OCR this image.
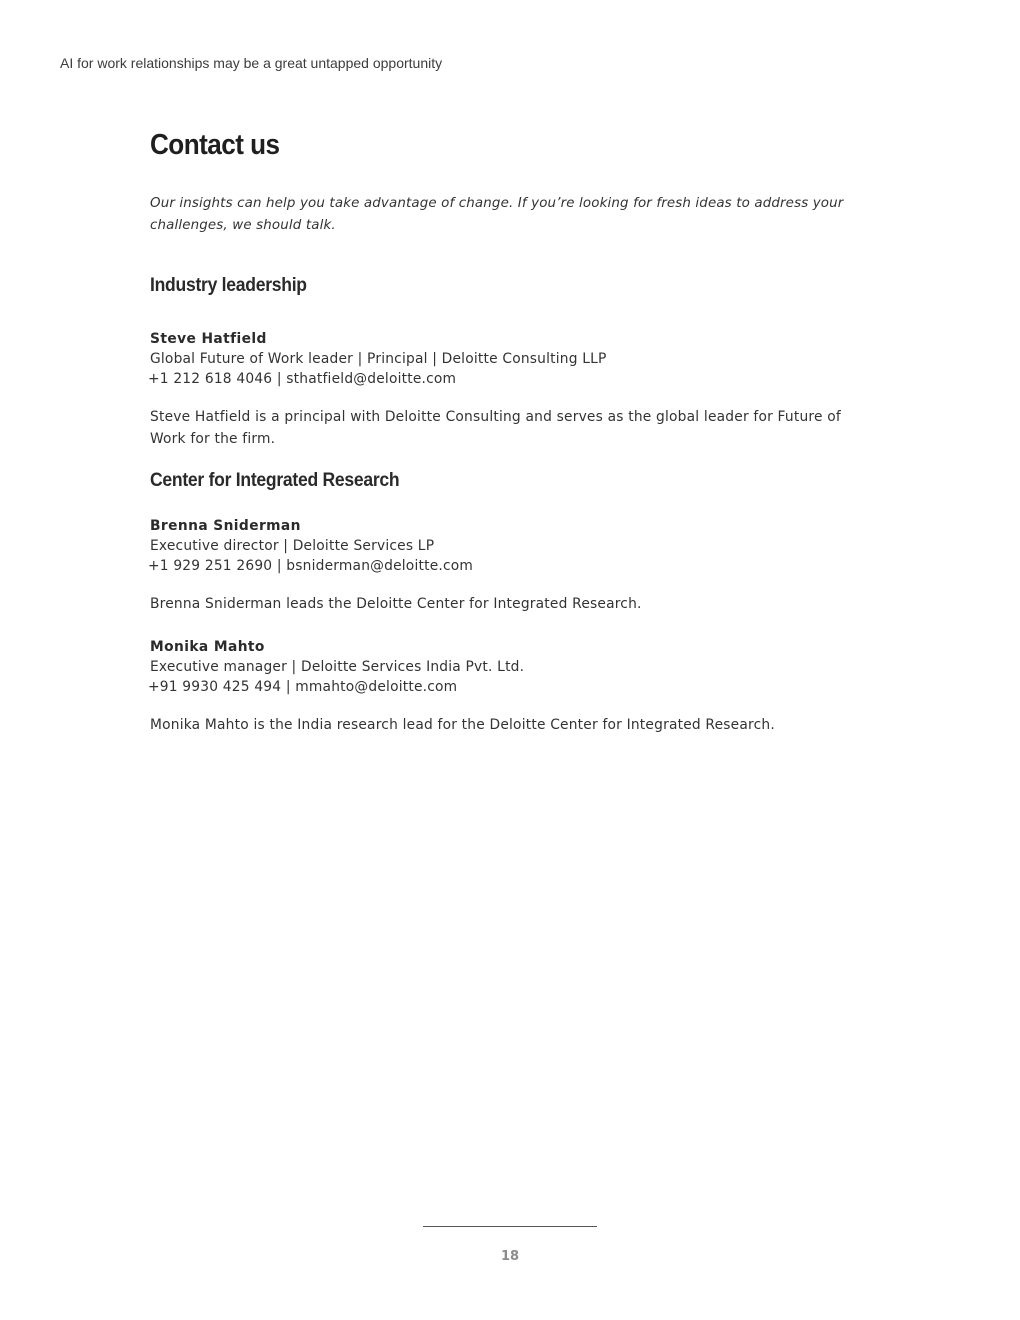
AI for work relationships may be a great untapped opportunity
Contact us

Our insights can help you take advantage of change. If you’re looking for fresh ideas to address your challenges, we should talk.

Industry leadership
Steve Hatfield
Global Future of Work leader | Principal | Deloitte Consulting LLP
+1 212 618 4046 | sthatfield@deloitte.com
Steve Hatfield is a principal with Deloitte Consulting and serves as the global leader for Future of Work for the firm.
Center for Integrated Research
Brenna Sniderman
Executive director | Deloitte Services LP
+1 929 251 2690 | bsniderman@deloitte.com
Brenna Sniderman leads the Deloitte Center for Integrated Research.
Monika Mahto
Executive manager | Deloitte Services India Pvt. Ltd.
+91 9930 425 494 | mmahto@deloitte.com
Monika Mahto is the India research lead for the Deloitte Center for Integrated Research.
18
